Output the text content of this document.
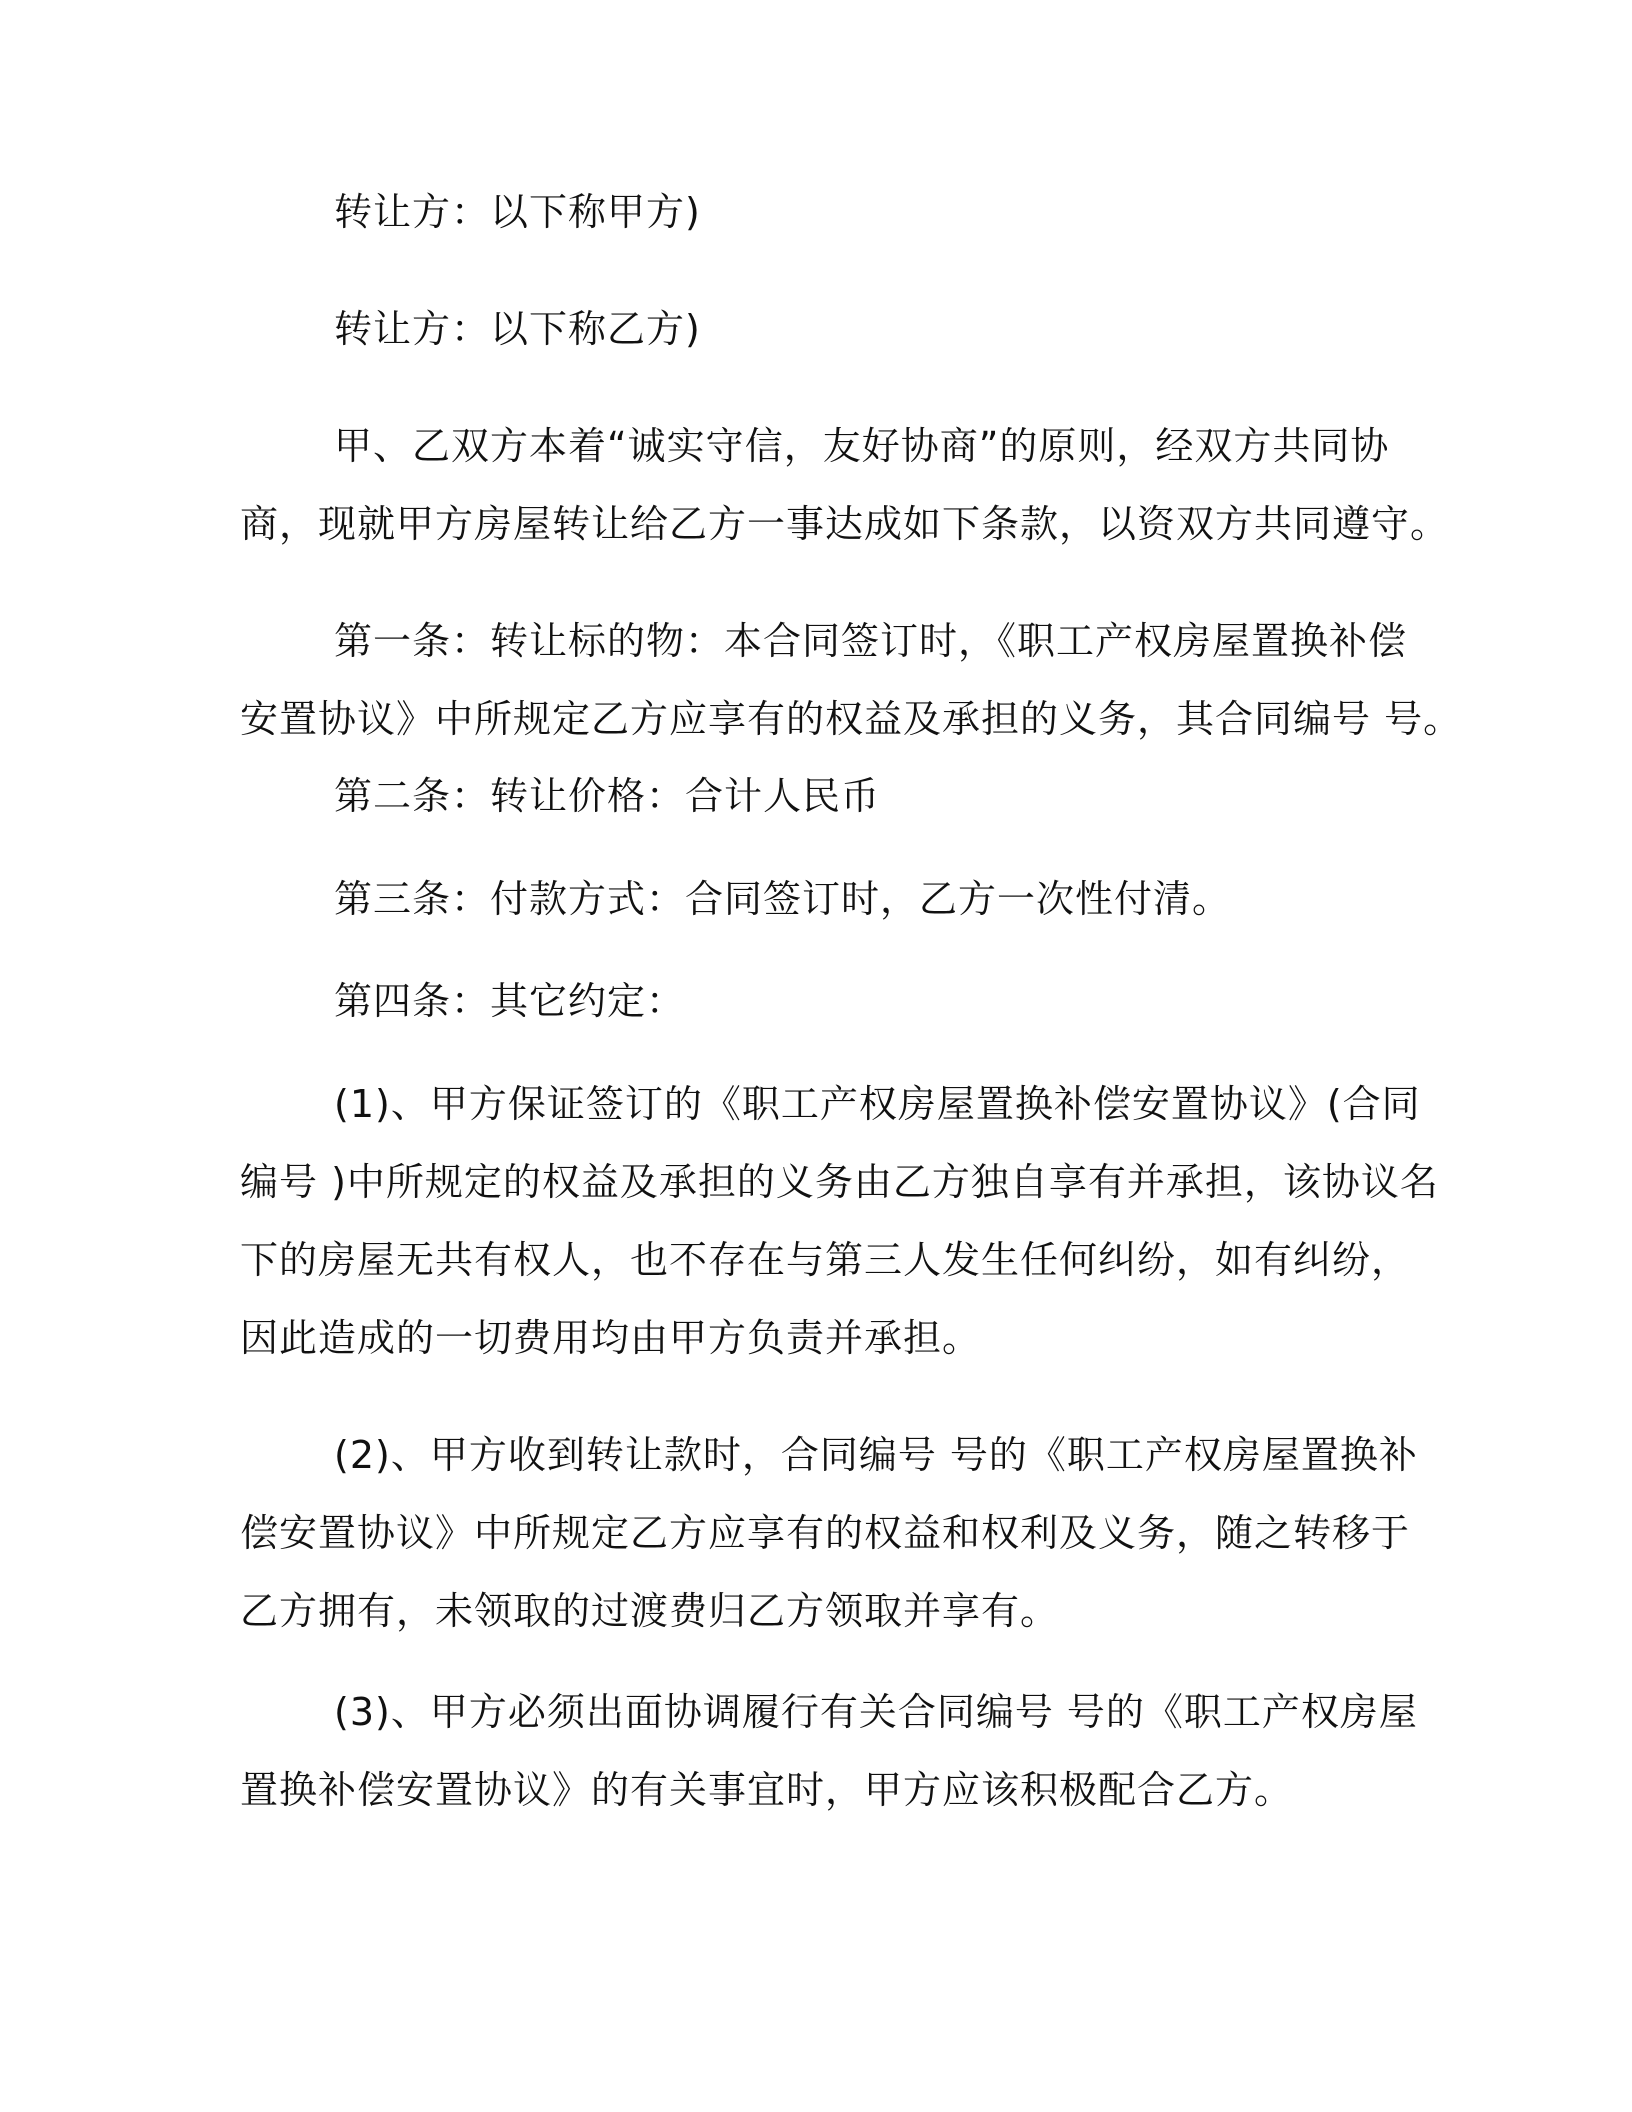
转让方：以下称甲方)
转让方：以下称乙方)
甲、乙双方本着“诚实守信，友好协商”的原则，经双方共同协
商，现就甲方房屋转让给乙方一事达成如下条款，以资双方共同遵守。
第一条：转让标的物：本合同签订时，《职工产权房屋置换补偿
安置协议》中所规定乙方应享有的权益及承担的义务，其合同编号 号。
第二条：转让价格：合计人民币
第三条：付款方式：合同签订时，乙方一次性付清。
第四条：其它约定：
(1)、甲方保证签订的《职工产权房屋置换补偿安置协议》(合同
编号 )中所规定的权益及承担的义务由乙方独自享有并承担，该协议名
下的房屋无共有权人，也不存在与第三人发生任何纠纷，如有纠纷，
因此造成的一切费用均由甲方负责并承担。
(2)、甲方收到转让款时，合同编号 号的《职工产权房屋置换补
偿安置协议》中所规定乙方应享有的权益和权利及义务，随之转移于
乙方拥有，未领取的过渡费归乙方领取并享有。
(3)、甲方必须出面协调履行有关合同编号 号的《职工产权房屋
置换补偿安置协议》的有关事宜时，甲方应该积极配合乙方。
